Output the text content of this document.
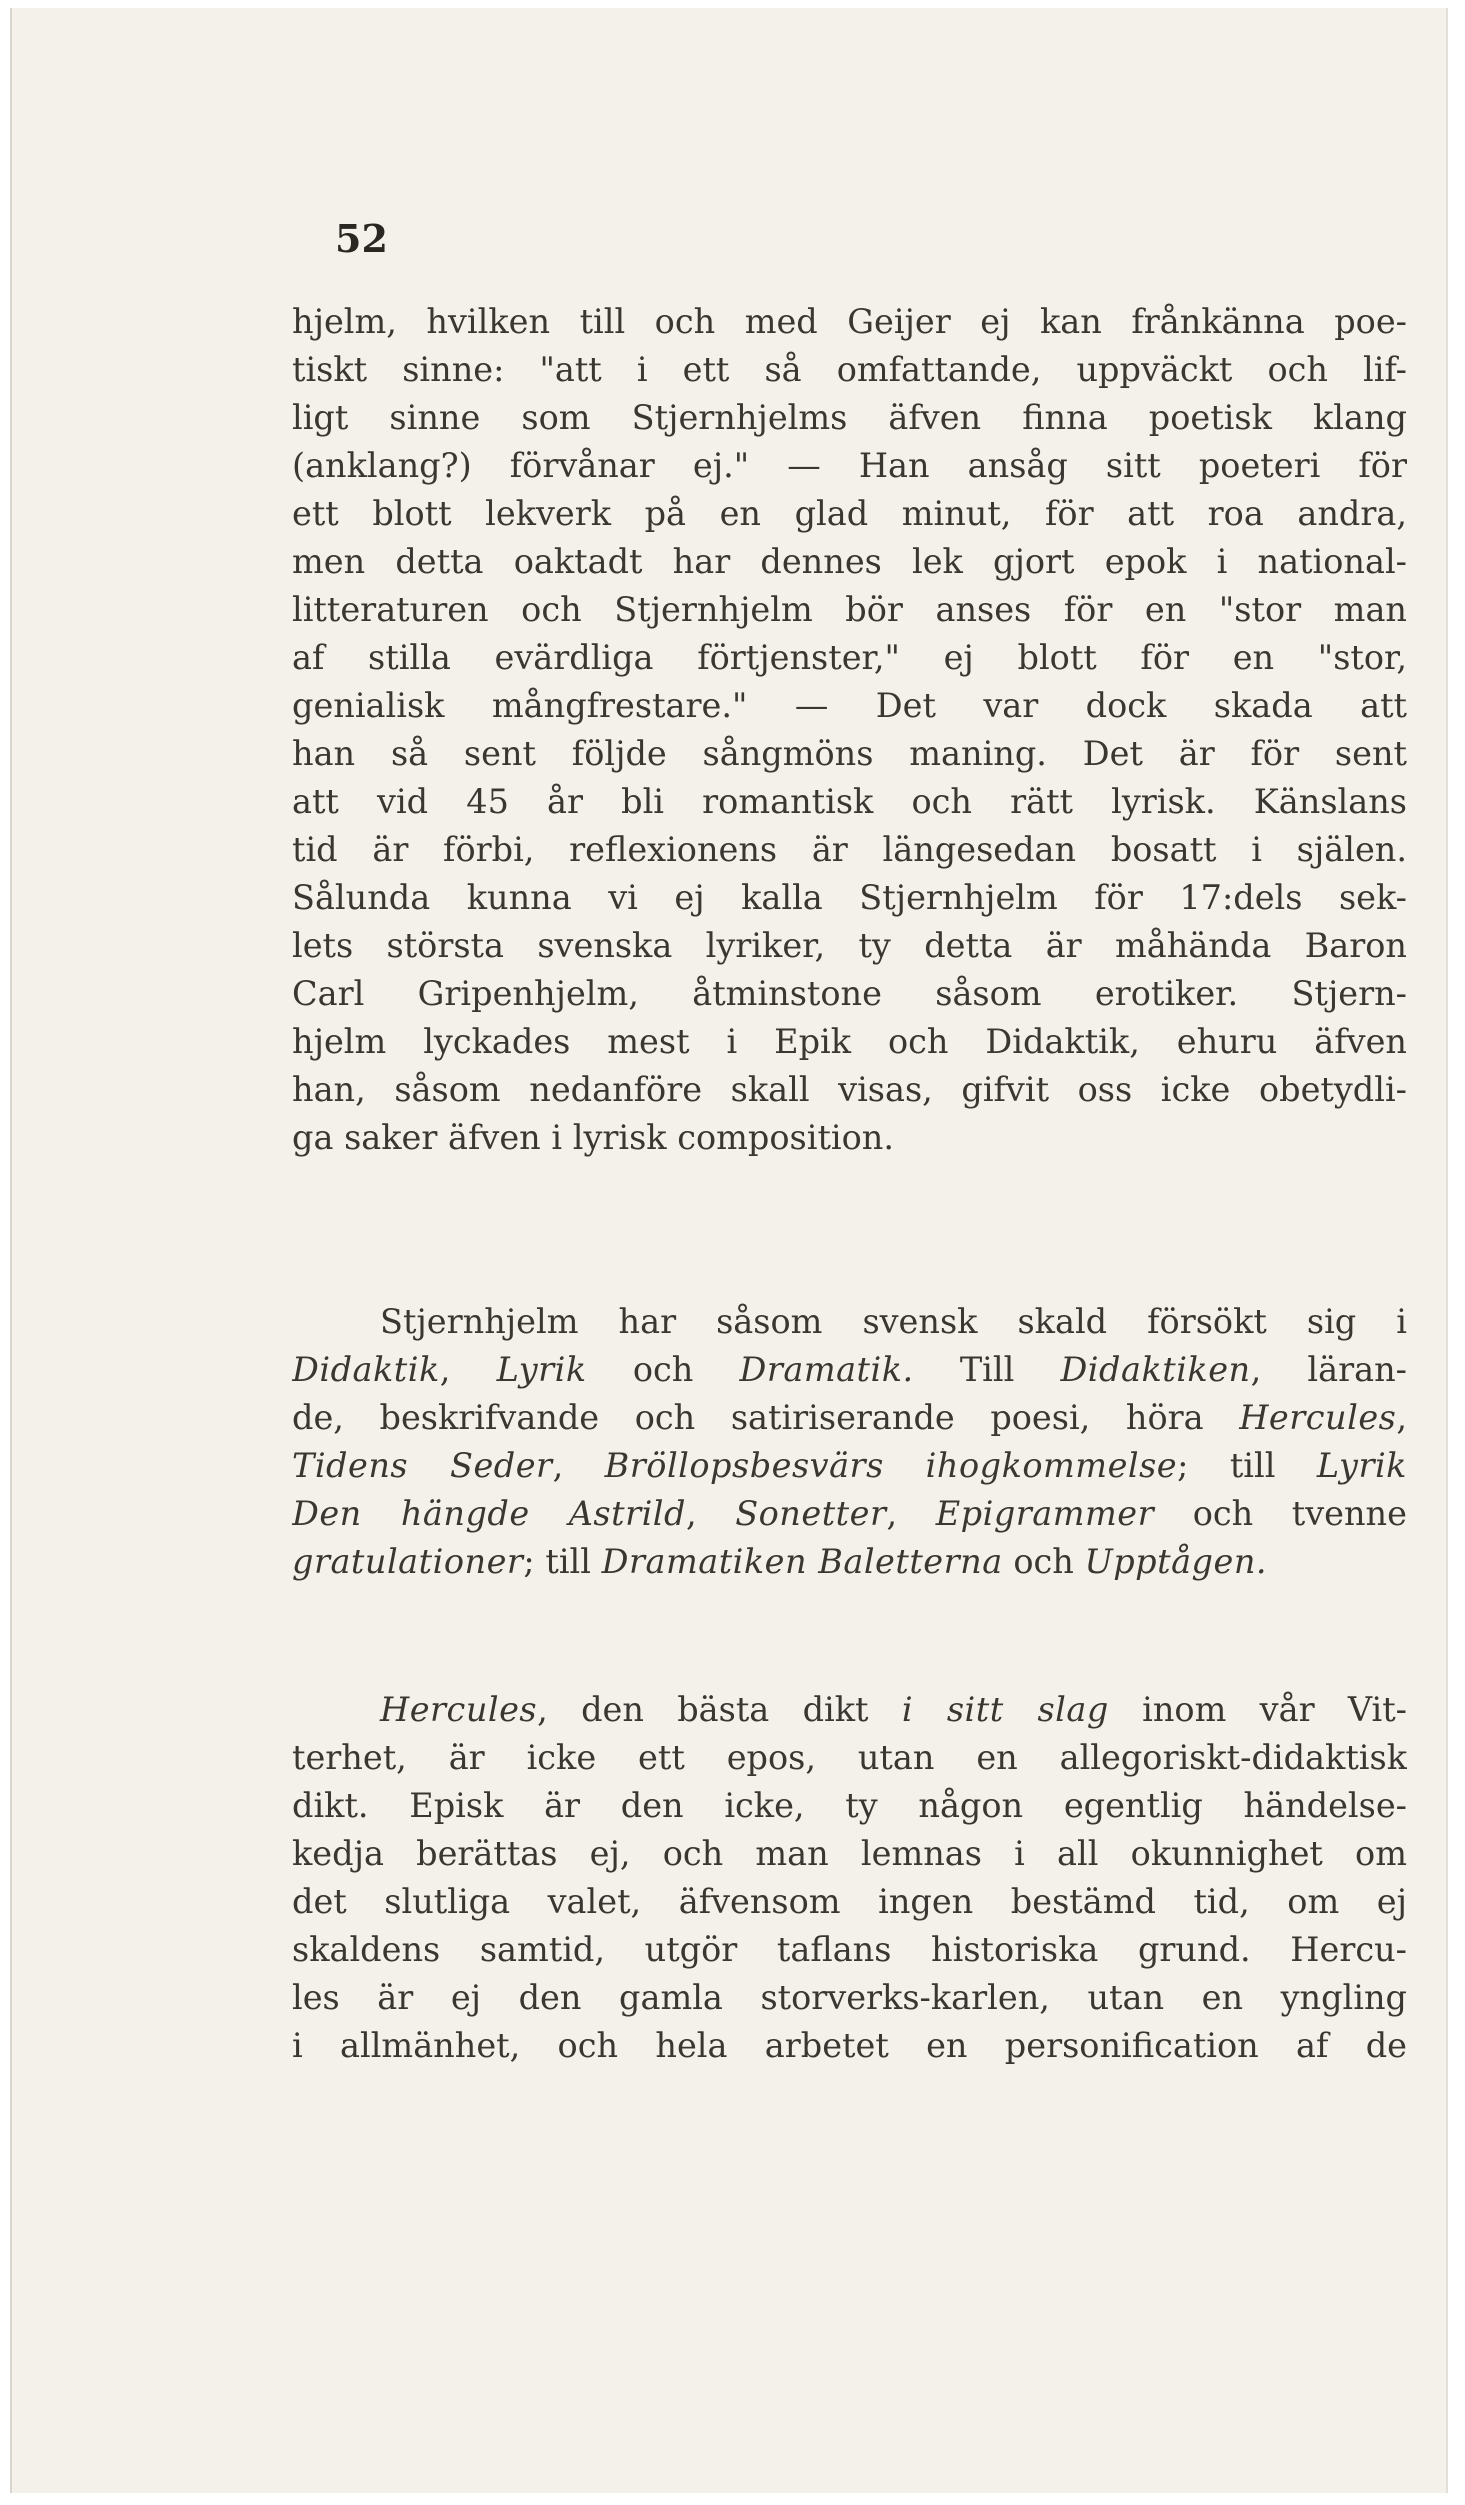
52
hjelm, hvilken till och med Geijer ej kan frånkänna poe-
tiskt sinne: "att i ett så omfattande, uppväckt och lif-
ligt sinne som Stjernhjelms äfven finna poetisk klang
(anklang?) förvånar ej." — Han ansåg sitt poeteri för
ett blott lekverk på en glad minut, för att roa andra,
men detta oaktadt har dennes lek gjort epok i national-
litteraturen och Stjernhjelm bör anses för en "stor man
af stilla evärdliga förtjenster," ej blott för en "stor,
genialisk mångfrestare." — Det var dock skada att
han så sent följde sångmöns maning. Det är för sent
att vid 45 år bli romantisk och rätt lyrisk. Känslans
tid är förbi, reflexionens är längesedan bosatt i själen.
Sålunda kunna vi ej kalla Stjernhjelm för 17:dels sek-
lets största svenska lyriker, ty detta är måhända Baron
Carl Gripenhjelm, åtminstone såsom erotiker. Stjern-
hjelm lyckades mest i Epik och Didaktik, ehuru äfven
han, såsom nedanföre skall visas, gifvit oss icke obetydli-
ga saker äfven i lyrisk composition.
Stjernhjelm har såsom svensk skald försökt sig i
Didaktik, Lyrik och Dramatik. Till Didaktiken, läran-
de, beskrifvande och satiriserande poesi, höra Hercules,
Tidens Seder, Bröllopsbesvärs ihogkommelse; till Lyrik
Den hängde Astrild, Sonetter, Epigrammer och tvenne
gratulationer; till Dramatiken Baletterna och Upptågen.
Hercules, den bästa dikt i sitt slag inom vår Vit-
terhet, är icke ett epos, utan en allegoriskt-didaktisk
dikt. Episk är den icke, ty någon egentlig händelse-
kedja berättas ej, och man lemnas i all okunnighet om
det slutliga valet, äfvensom ingen bestämd tid, om ej
skaldens samtid, utgör taflans historiska grund. Hercu-
les är ej den gamla storverks-karlen, utan en yngling
i allmänhet, och hela arbetet en personification af de
